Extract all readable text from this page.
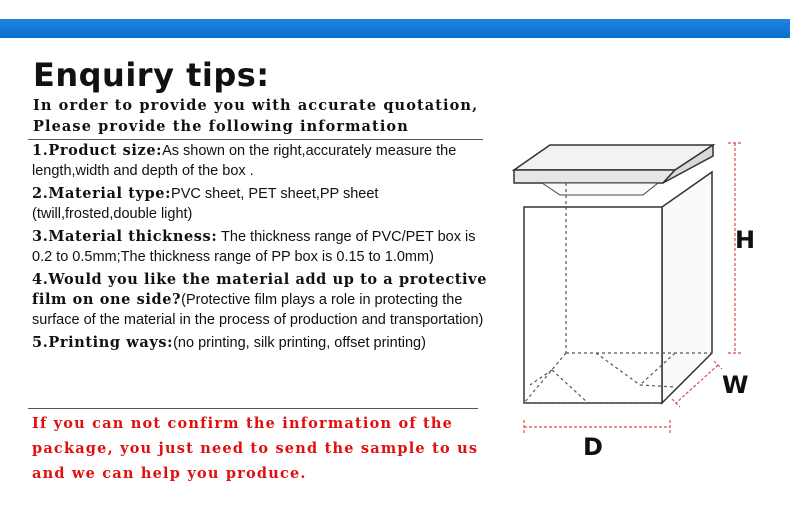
Enquiry tips:
In order to provide you with accurate quotation,
Please provide the following information
1.Product size:As shown on the right,accurately measure the length,width and depth of the box .
2.Material type:PVC sheet, PET sheet,PP sheet
(twill,frosted,double light)
3.Material thickness: The thickness range of PVC/PET box is 0.2 to 0.5mm;The thickness range of PP box is 0.15 to 1.0mm)
4.Would you like the material add up to a protective film on one side?(Protective film plays a role in protecting the surface of the material in the process of production and transportation)
5.Printing ways:(no printing, silk printing, offset printing)
If you can not confirm the information of the package, you just need to send the sample to us and we can help you produce.
H
W
D
